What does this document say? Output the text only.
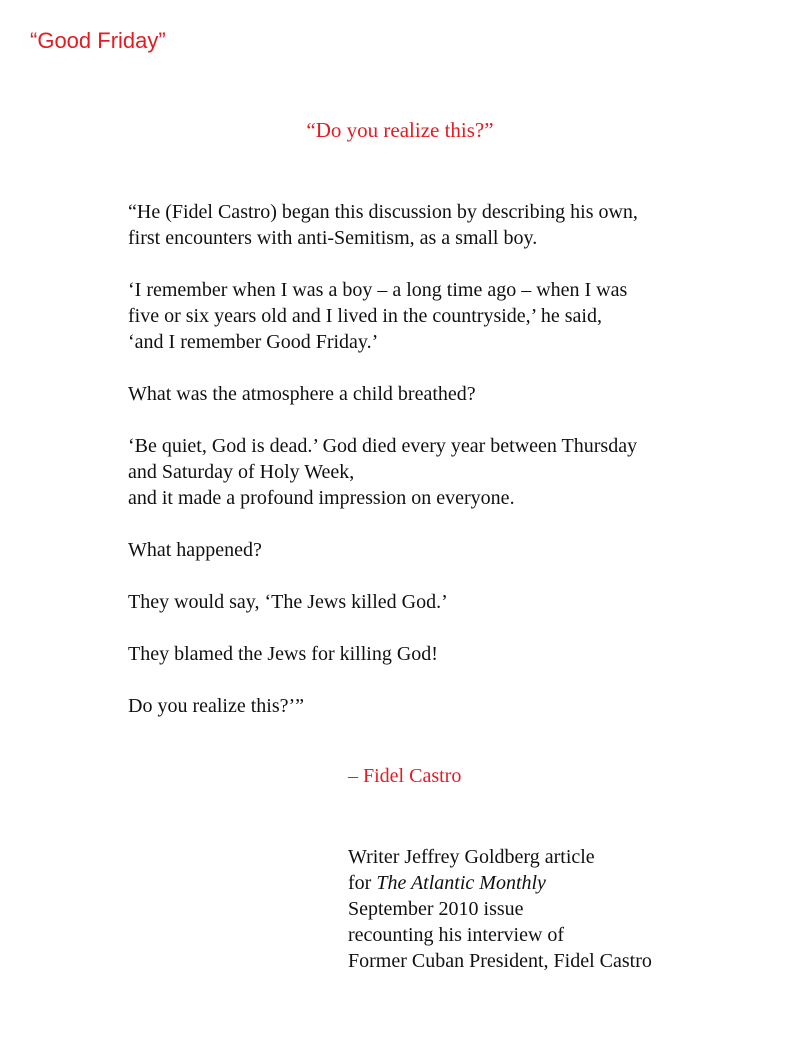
“Good Friday”
“Do you realize this?”

“He (Fidel Castro) began this discussion by describing his own,
first encounters with anti-Semitism, as a small boy.

‘I remember when I was a boy – a long time ago – when I was
five or six years old and I lived in the countryside,’ he said,
‘and I remember Good Friday.’

What was the atmosphere a child breathed?

‘Be quiet, God is dead.’ God died every year between Thursday
and Saturday of Holy Week,
and it made a profound impression on everyone.

What happened?

They would say, ‘The Jews killed God.’

They blamed the Jews for killing God!

Do you realize this?’”

– Fidel Castro
Writer Jeffrey Goldberg article
for The Atlantic Monthly
September 2010 issue
recounting his interview of
Former Cuban President, Fidel Castro
